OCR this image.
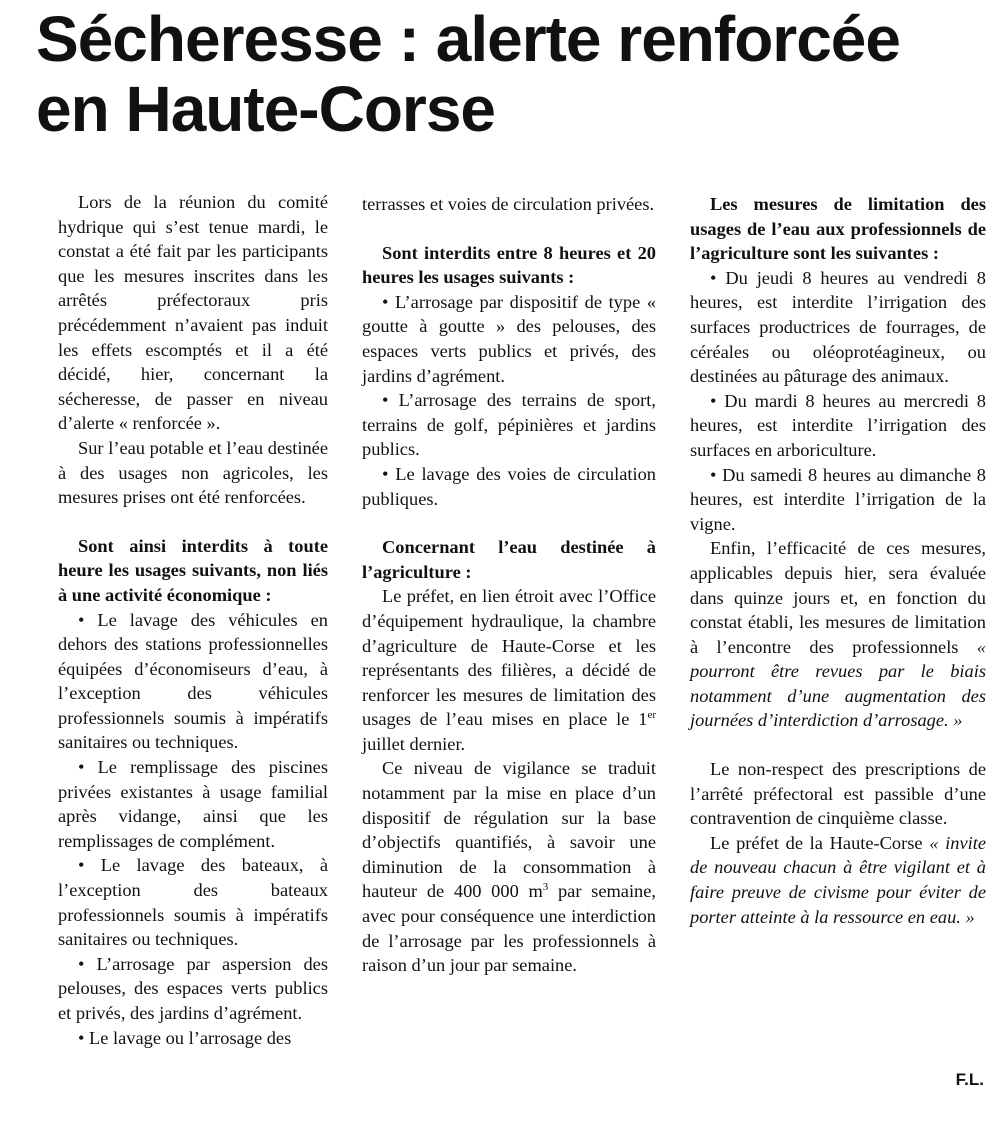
Sécheresse : alerte renforcée en Haute-Corse

Lors de la réunion du comité hydrique qui s’est tenue mardi, le constat a été fait par les participants que les mesures inscrites dans les arrêtés préfectoraux pris précédemment n’avaient pas induit les effets escomptés et il a été décidé, hier, concernant la sécheresse, de passer en niveau d’alerte « renforcée ».

Sur l’eau potable et l’eau destinée à des usages non agricoles, les mesures prises ont été renforcées.

Sont ainsi interdits à toute heure les usages suivants, non liés à une activité économique :

• Le lavage des véhicules en dehors des stations professionnelles équipées d’économiseurs d’eau, à l’exception des véhicules professionnels soumis à impératifs sanitaires ou techniques.

• Le remplissage des piscines privées existantes à usage familial après vidange, ainsi que les remplissages de complément.

• Le lavage des bateaux, à l’exception des bateaux professionnels soumis à impératifs sanitaires ou techniques.

• L’arrosage par aspersion des pelouses, des espaces verts publics et privés, des jardins d’agrément.

• Le lavage ou l’arrosage des

terrasses et voies de circulation privées.

Sont interdits entre 8 heures et 20 heures les usages suivants :

• L’arrosage par dispositif de type « goutte à goutte » des pelouses, des espaces verts publics et privés, des jardins d’agrément.

• L’arrosage des terrains de sport, terrains de golf, pépinières et jardins publics.

• Le lavage des voies de circulation publiques.

Concernant l’eau destinée à l’agriculture :

Le préfet, en lien étroit avec l’Office d’équipement hydraulique, la chambre d’agriculture de Haute-Corse et les représentants des filières, a décidé de renforcer les mesures de limitation des usages de l’eau mises en place le 1er juillet dernier.

Ce niveau de vigilance se traduit notamment par la mise en place d’un dispositif de régulation sur la base d’objectifs quantifiés, à savoir une diminution de la consommation à hauteur de 400 000 $m^3$ par semaine, avec pour conséquence une interdiction de l’arrosage par les professionnels à raison d’un jour par semaine.

Les mesures de limitation des usages de l’eau aux professionnels de l’agriculture sont les suivantes :

• Du jeudi 8 heures au vendredi 8 heures, est interdite l’irrigation des surfaces productrices de fourrages, de céréales ou oléoprotéagineux, ou destinées au pâturage des animaux.

• Du mardi 8 heures au mercredi 8 heures, est interdite l’irrigation des surfaces en arboriculture.

• Du samedi 8 heures au dimanche 8 heures, est interdite l’irrigation de la vigne.

Enfin, l’efficacité de ces mesures, applicables depuis hier, sera évaluée dans quinze jours et, en fonction du constat établi, les mesures de limitation à l’encontre des professionnels « pourront être revues par le biais notamment d’une augmentation des journées d’interdiction d’arrosage. »

Le non-respect des prescriptions de l’arrêté préfectoral est passible d’une contravention de cinquième classe.

Le préfet de la Haute-Corse « invite de nouveau chacun à être vigilant et à faire preuve de civisme pour éviter de porter atteinte à la ressource en eau. »

F.L.
